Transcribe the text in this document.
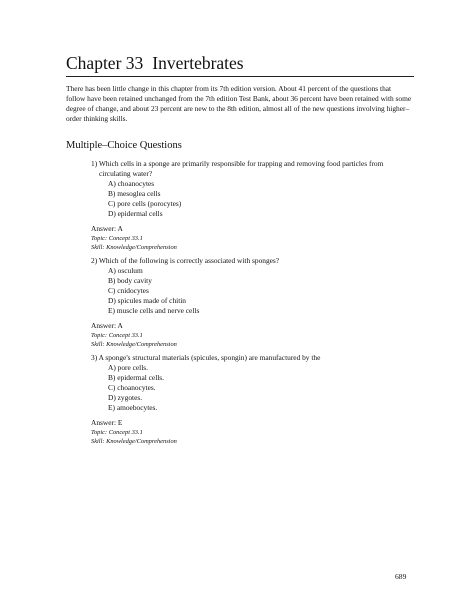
Chapter 33 Invertebrates

There has been little change in this chapter from its 7th edition version. About 41 percent of the questions that follow have been retained unchanged from the 7th edition Test Bank, about 36 percent have been retained with some degree of change, and about 23 percent are new to the 8th edition, almost all of the new questions involving higher–order thinking skills.

Multiple–Choice Questions

1) Which cells in a sponge are primarily responsible for trapping and removing food particles from circulating water?

A) choanocytes
B) mesoglea cells
C) pore cells (porocytes)
D) epidermal cells

Answer: A

Topic: Concept 33.1

Skill: Knowledge/Comprehension

2) Which of the following is correctly associated with sponges?

A) osculum
B) body cavity
C) cnidocytes
D) spicules made of chitin
E) muscle cells and nerve cells

Answer: A

Topic: Concept 33.1

Skill: Knowledge/Comprehension

3) A sponge's structural materials (spicules, spongin) are manufactured by the

A) pore cells.
B) epidermal cells.
C) choanocytes.
D) zygotes.
E) amoebocytes.

Answer: E

Topic: Concept 33.1

Skill: Knowledge/Comprehension

689
